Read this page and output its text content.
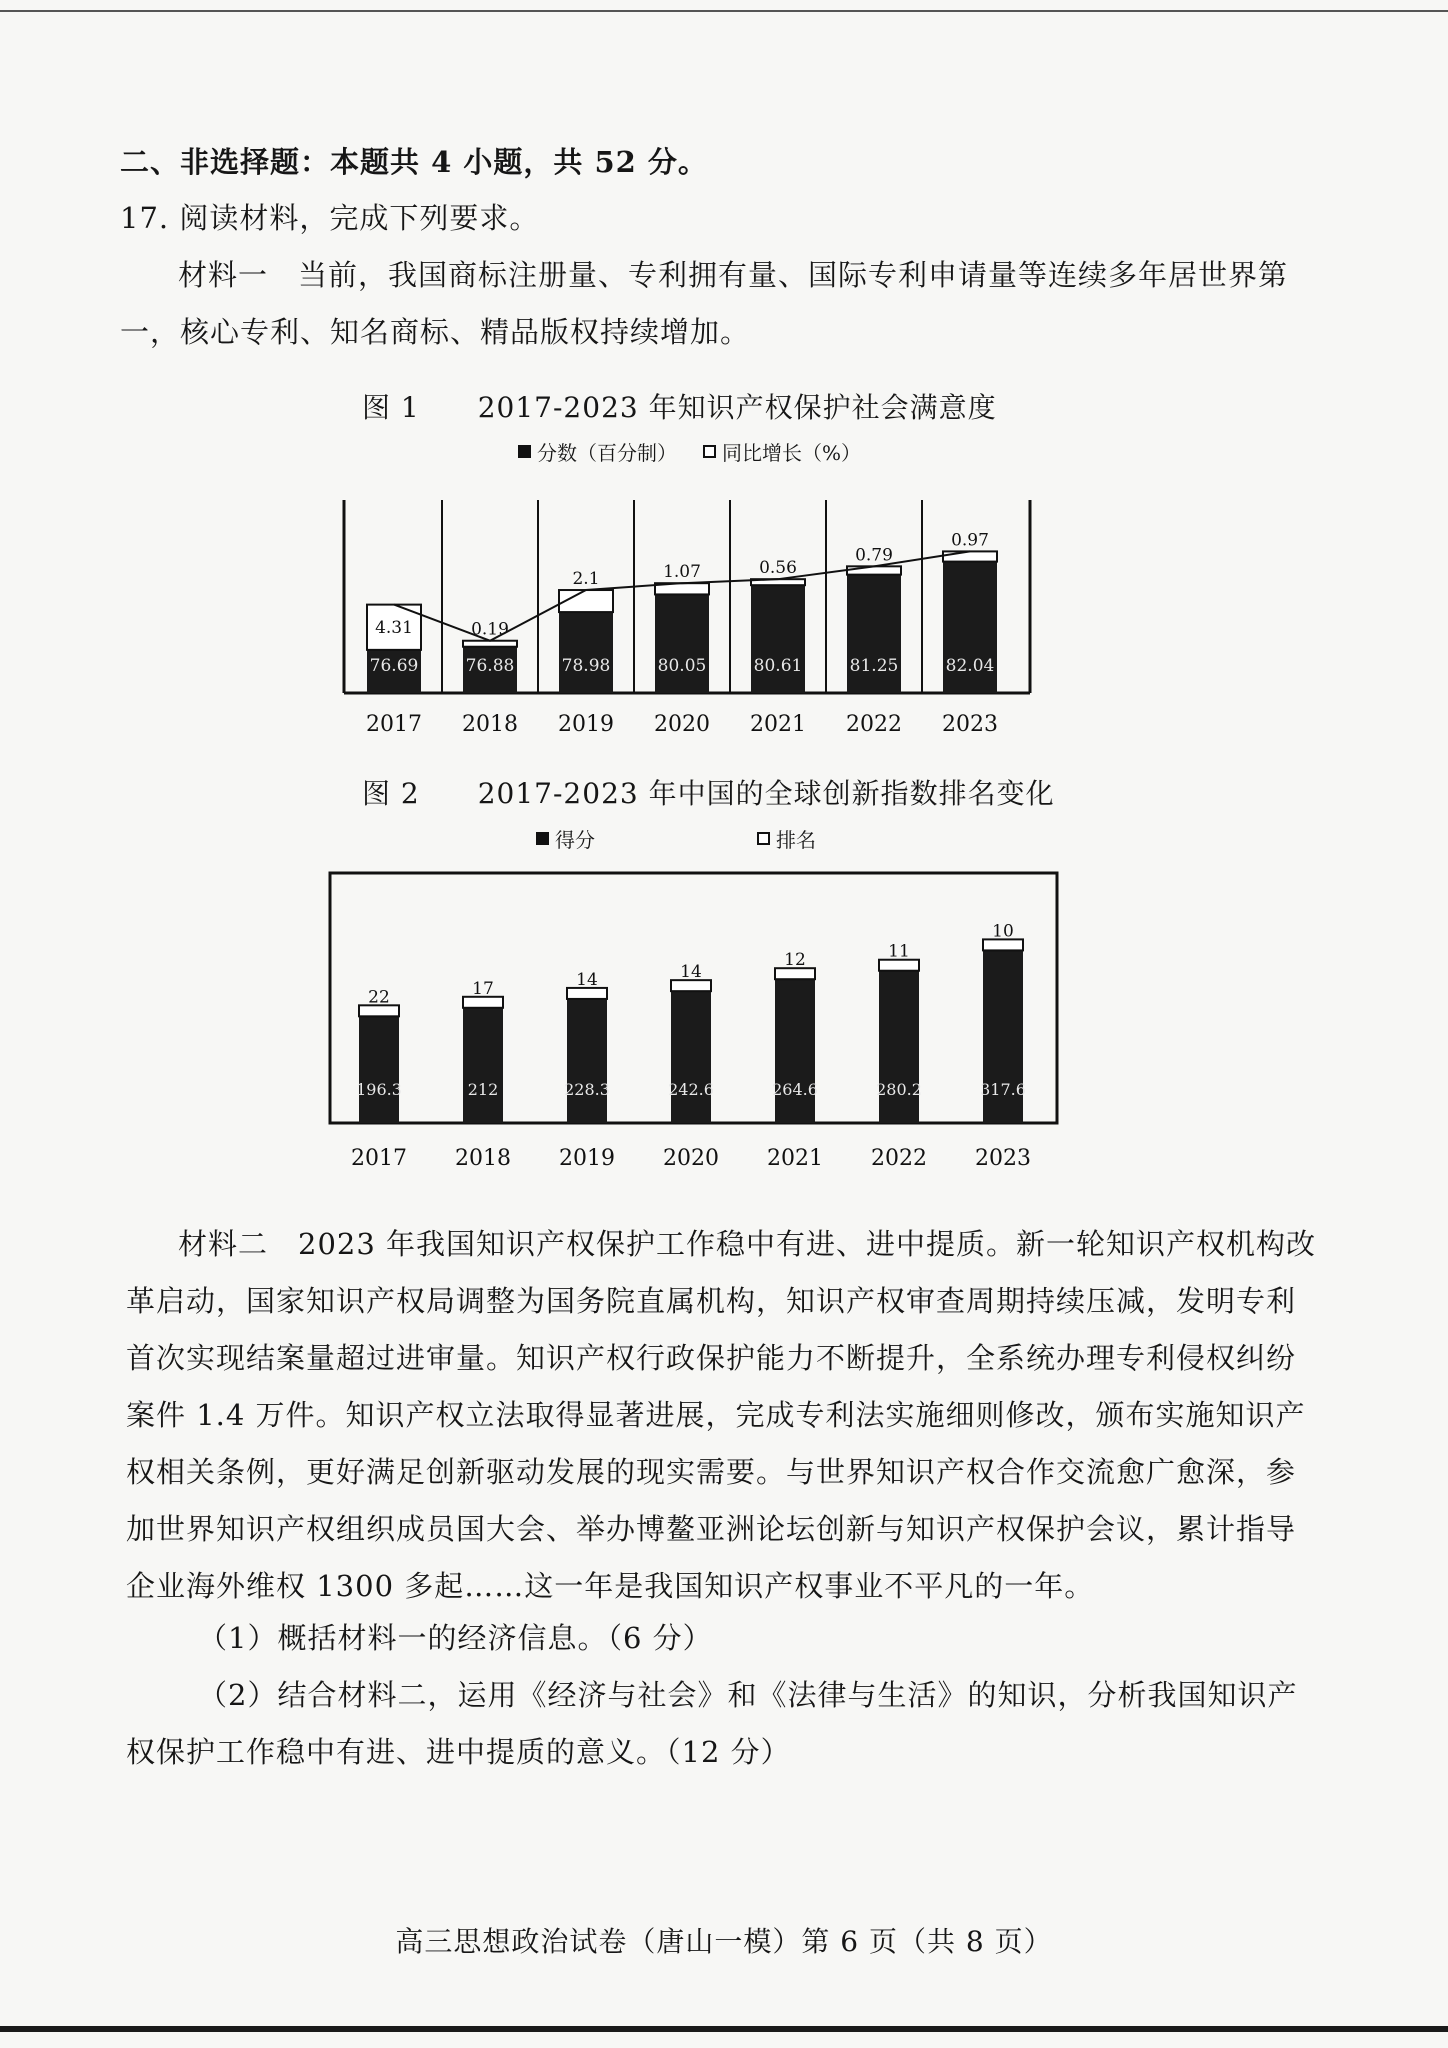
二、非选择题：本题共 4 小题，共 52 分。
17. 阅读材料，完成下列要求。
材料一　当前，我国商标注册量、专利拥有量、国际专利申请量等连续多年居世界第
一，核心专利、知名商标、精品版权持续增加。
图 1　　2017-2023 年知识产权保护社会满意度
分数（百分制） 同比增长（%）
76.69
4.31
2017
76.88
0.19
2018
78.98
2.1
2019
80.05
1.07
2020
80.61
0.56
2021
81.25
0.79
2022
82.04
0.97
2023
图 2　　2017-2023 年中国的全球创新指数排名变化
得分	排名
22
196.3
2017
17
212
2018
14
228.3
2019
14
242.6
2020
12
264.6
2021
11
280.2
2022
10
317.6
2023
材料二　2023 年我国知识产权保护工作稳中有进、进中提质。新一轮知识产权机构改
革启动，国家知识产权局调整为国务院直属机构，知识产权审查周期持续压减，发明专利
首次实现结案量超过进审量。知识产权行政保护能力不断提升，全系统办理专利侵权纠纷
案件 1.4 万件。知识产权立法取得显著进展，完成专利法实施细则修改，颁布实施知识产
权相关条例，更好满足创新驱动发展的现实需要。与世界知识产权合作交流愈广愈深，参
加世界知识产权组织成员国大会、举办博鳌亚洲论坛创新与知识产权保护会议，累计指导
企业海外维权 1300 多起……这一年是我国知识产权事业不平凡的一年。
（1）概括材料一的经济信息。（6 分）
（2）结合材料二，运用《经济与社会》和《法律与生活》的知识，分析我国知识产
权保护工作稳中有进、进中提质的意义。（12 分）
高三思想政治试卷（唐山一模）第 6 页（共 8 页）
